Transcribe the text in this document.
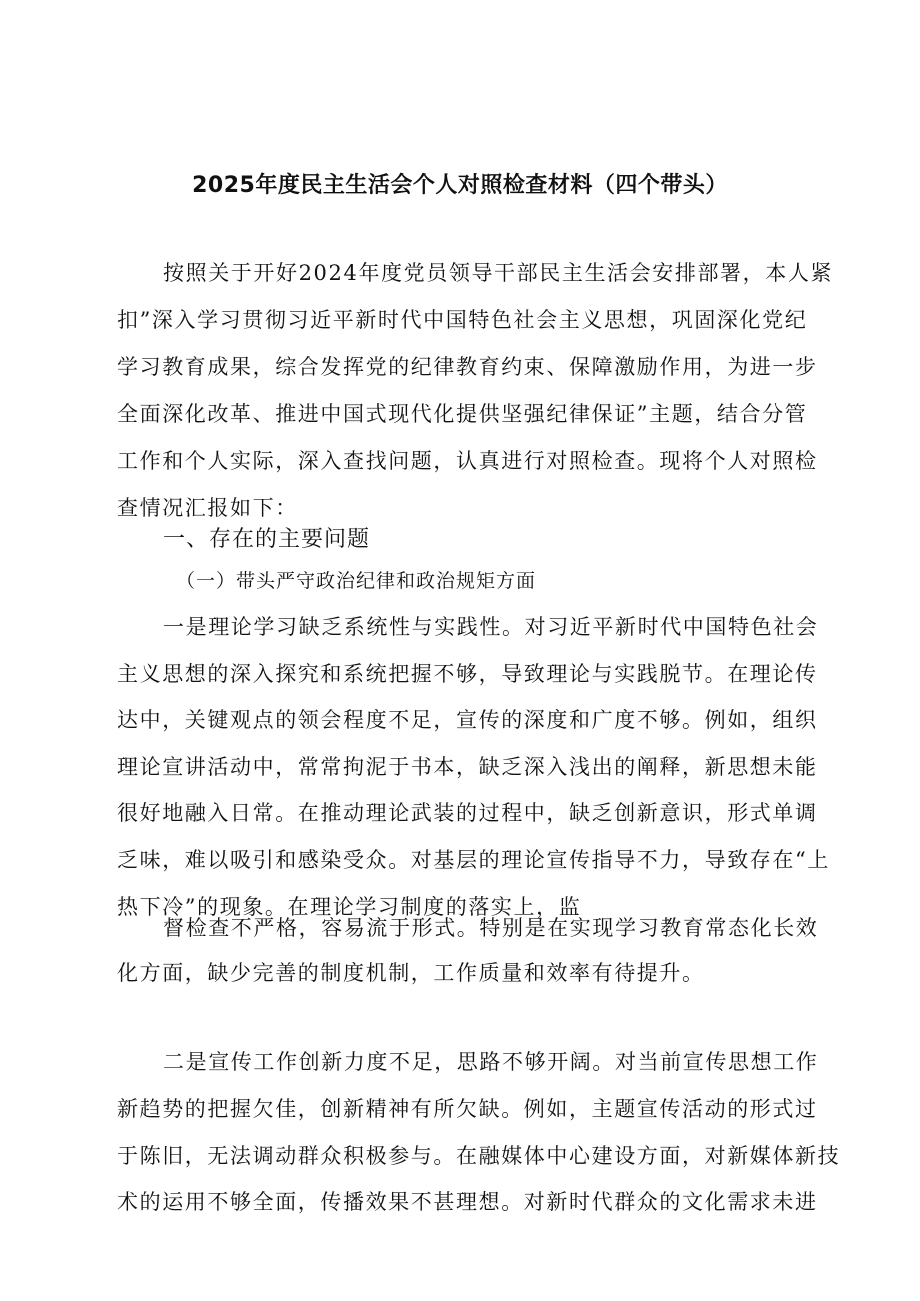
2025年度民主生活会个人对照检查材料（四个带头）
按照关于开好2024年度党员领导干部民主生活会安排部署，本人紧
扣”深入学习贯彻习近平新时代中国特色社会主义思想，巩固深化党纪
学习教育成果，综合发挥党的纪律教育约束、保障激励作用，为进一步
全面深化改革、推进中国式现代化提供坚强纪律保证”主题，结合分管
工作和个人实际，深入查找问题，认真进行对照检查。现将个人对照检
查情况汇报如下：
一、存在的主要问题
（一）带头严守政治纪律和政治规矩方面
一是理论学习缺乏系统性与实践性。对习近平新时代中国特色社会
主义思想的深入探究和系统把握不够，导致理论与实践脱节。在理论传
达中，关键观点的领会程度不足，宣传的深度和广度不够。例如，组织
理论宣讲活动中，常常拘泥于书本，缺乏深入浅出的阐释，新思想未能
很好地融入日常。在推动理论武装的过程中，缺乏创新意识，形式单调
乏味，难以吸引和感染受众。对基层的理论宣传指导不力，导致存在“上
热下冷”的现象。在理论学习制度的落实上，监
督检查不严格，容易流于形式。特别是在实现学习教育常态化长效
化方面，缺少完善的制度机制，工作质量和效率有待提升。
二是宣传工作创新力度不足，思路不够开阔。对当前宣传思想工作
新趋势的把握欠佳，创新精神有所欠缺。例如，主题宣传活动的形式过
于陈旧，无法调动群众积极参与。在融媒体中心建设方面，对新媒体新技
术的运用不够全面，传播效果不甚理想。对新时代群众的文化需求未进
